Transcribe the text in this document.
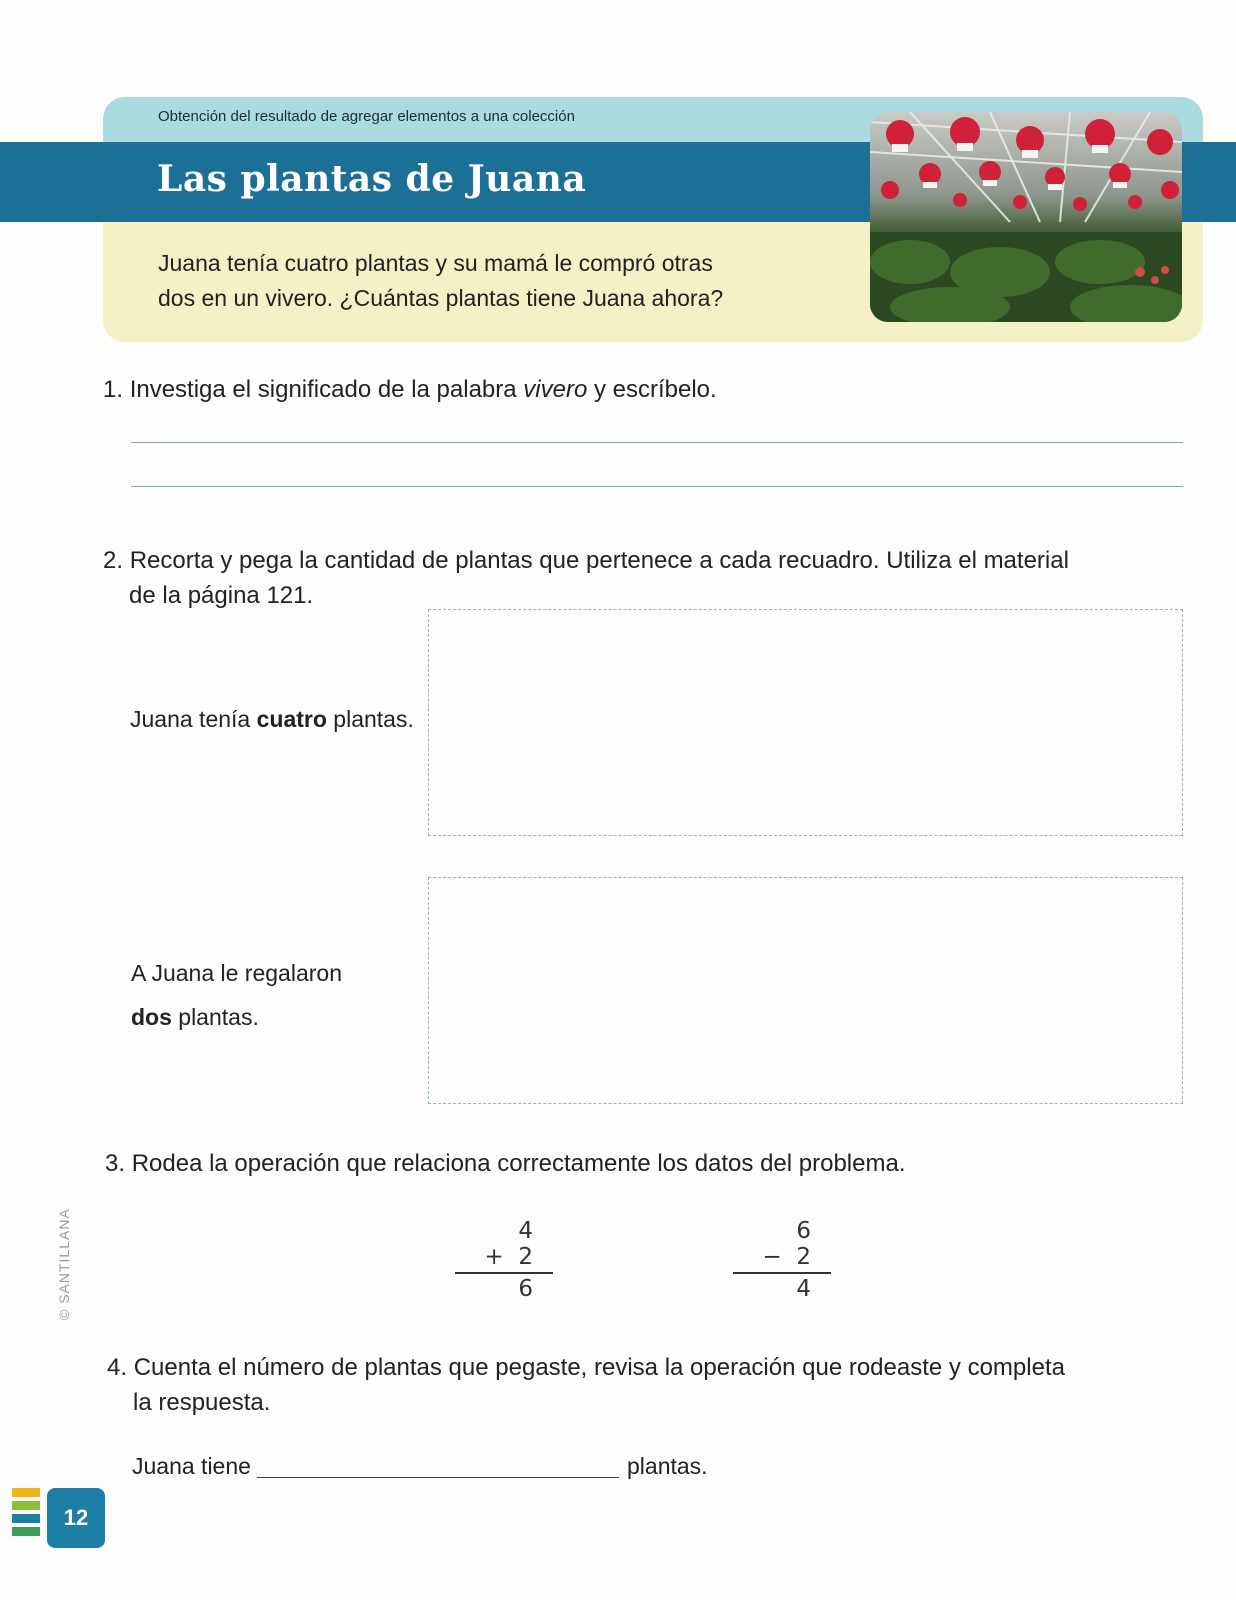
Obtención del resultado de agregar elementos a una colección
Las plantas de Juana
Juana tenía cuatro plantas y su mamá le compró otras
dos en un vivero. ¿Cuántas plantas tiene Juana ahora?
1. Investiga el significado de la palabra vivero y escríbelo.
2. Recorta y pega la cantidad de plantas que pertenece a cada recuadro. Utiliza el material
de la página 121.
Juana tenía cuatro plantas.
A Juana le regalaron
dos plantas.
3. Rodea la operación que relaciona correctamente los datos del problema.
4
+ 2
6
6
− 2
4
4. Cuenta el número de plantas que pegaste, revisa la operación que rodeaste y completa
la respuesta.
Juana tiene	plantas.
© SANTILLANA
12
